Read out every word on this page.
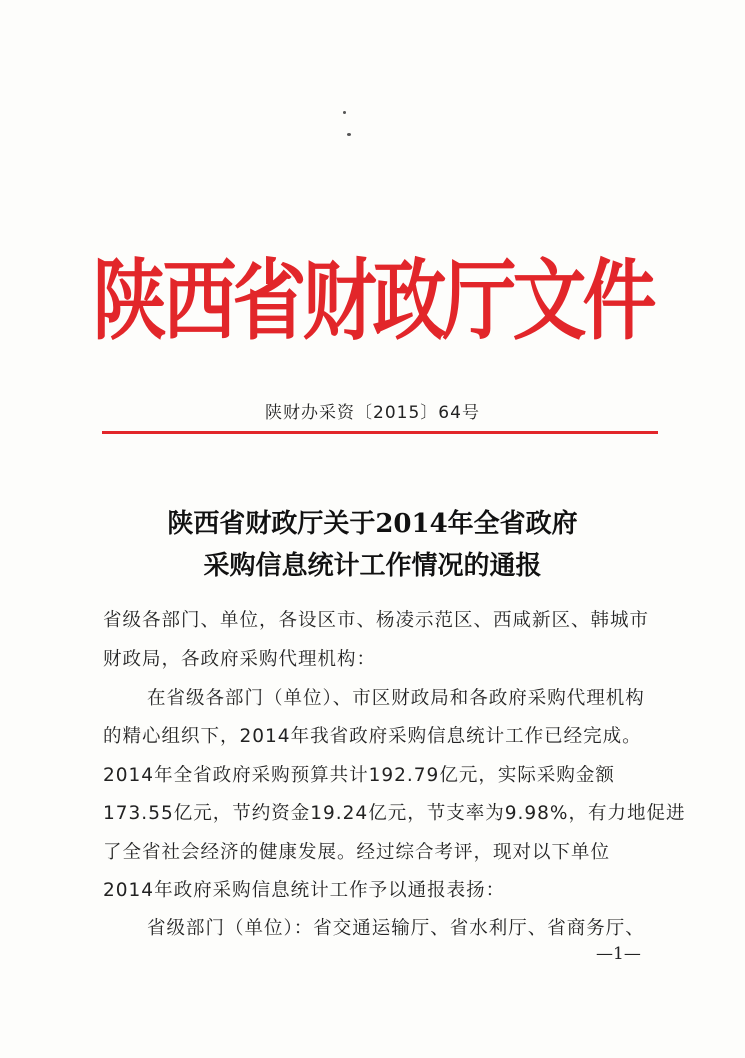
陕西省财政厅文件
陕财办采资〔2015〕64号
陕西省财政厅关于2014年全省政府
采购信息统计工作情况的通报
省级各部门、单位，各设区市、杨凌示范区、西咸新区、韩城市
财政局，各政府采购代理机构：
在省级各部门（单位）、市区财政局和各政府采购代理机构
的精心组织下，2014年我省政府采购信息统计工作已经完成。
2014年全省政府采购预算共计192.79亿元，实际采购金额
173.55亿元，节约资金19.24亿元，节支率为9.98%，有力地促进
了全省社会经济的健康发展。经过综合考评，现对以下单位
2014年政府采购信息统计工作予以通报表扬：
省级部门（单位）：省交通运输厅、省水利厅、省商务厅、
—1—
